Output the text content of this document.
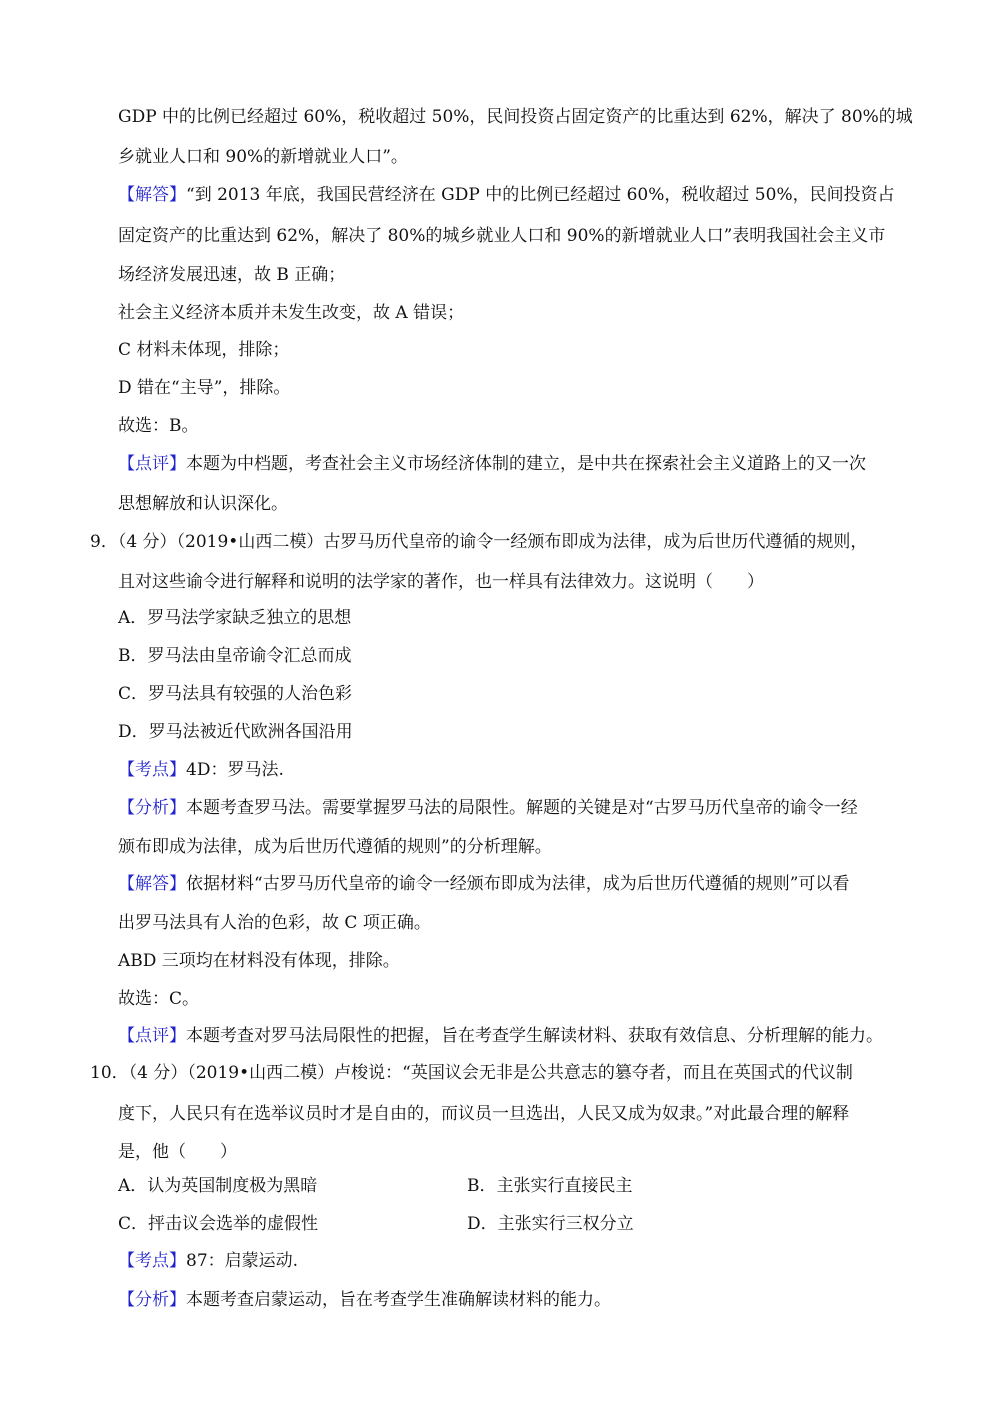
GDP 中的比例已经超过 60%，税收超过 50%，民间投资占固定资产的比重达到 62%，解决了 80%的城
乡就业人口和 90%的新增就业人口”。
【解答】“到 2013 年底，我国民营经济在 GDP 中的比例已经超过 60%，税收超过 50%，民间投资占
固定资产的比重达到 62%，解决了 80%的城乡就业人口和 90%的新增就业人口”表明我国社会主义市
场经济发展迅速，故 B 正确；
社会主义经济本质并未发生改变，故 A 错误；
C 材料未体现，排除；
D 错在“主导”，排除。
故选：B。
【点评】本题为中档题，考查社会主义市场经济体制的建立，是中共在探索社会主义道路上的又一次
思想解放和认识深化。
9．（4 分）（2019•山西二模）古罗马历代皇帝的谕令一经颁布即成为法律，成为后世历代遵循的规则，
且对这些谕令进行解释和说明的法学家的著作，也一样具有法律效力。这说明（　　）
A．罗马法学家缺乏独立的思想
B．罗马法由皇帝谕令汇总而成
C．罗马法具有较强的人治色彩
D．罗马法被近代欧洲各国沿用
【考点】4D：罗马法.
【分析】本题考查罗马法。需要掌握罗马法的局限性。解题的关键是对“古罗马历代皇帝的谕令一经
颁布即成为法律，成为后世历代遵循的规则”的分析理解。
【解答】依据材料“古罗马历代皇帝的谕令一经颁布即成为法律，成为后世历代遵循的规则”可以看
出罗马法具有人治的色彩，故 C 项正确。
ABD 三项均在材料没有体现，排除。
故选：C。
【点评】本题考查对罗马法局限性的把握，旨在考查学生解读材料、获取有效信息、分析理解的能力。
10．（4 分）（2019•山西二模）卢梭说：“英国议会无非是公共意志的篡夺者，而且在英国式的代议制
度下，人民只有在选举议员时才是自由的，而议员一旦选出，人民又成为奴隶。”对此最合理的解释
是，他（　　）
A．认为英国制度极为黑暗	B．主张实行直接民主
C．抨击议会选举的虚假性	D．主张实行三权分立
【考点】87：启蒙运动.
【分析】本题考查启蒙运动，旨在考查学生准确解读材料的能力。
